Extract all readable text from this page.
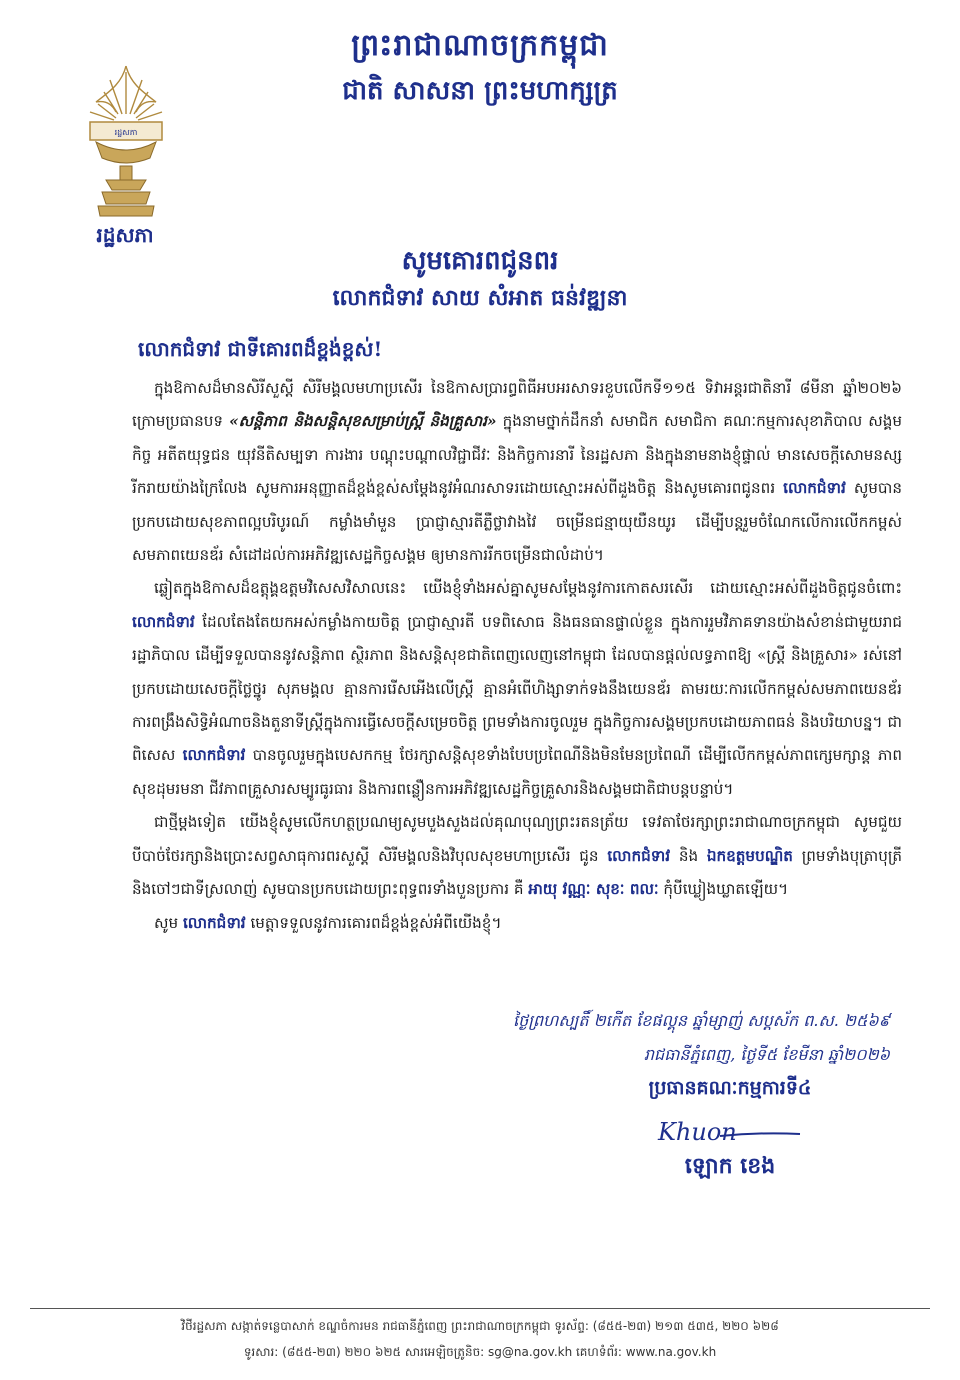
ព្រះរាជាណាចក្រកម្ពុជា
ជាតិ សាសនា ព្រះមហាក្សត្រ
រដ្ឋសភា
រដ្ឋសភា
សូមគោរពជូនពរ
លោកជំទាវ សាយ សំអាត ធន់វឌ្ឍនា
លោកជំទាវ ជាទីគោរពដ៏ខ្ពង់ខ្ពស់!

ក្នុងឱកាសដ៏មានសិរីសួស្តី សិរីមង្គលមហាប្រសើរ នៃឱកាសប្រារព្ធពិធីអបអរសាទរខួបលើកទី១១៥ ទិវាអន្តរជាតិនារី ៨មីនា ឆ្នាំ២០២៦ ក្រោមប្រធានបទ «សន្តិភាព និងសន្តិសុខសម្រាប់ស្ត្រី និងគ្រួសារ» ក្នុងនាមថ្នាក់ដឹកនាំ សមាជិក សមាជិកា គណៈកម្មការសុខាភិបាល សង្គមកិច្ច អតីតយុទ្ធជន យុវនីតិសម្បទា ការងារ បណ្តុះបណ្តាលវិជ្ជាជីវៈ និងកិច្ចការនារី នៃរដ្ឋសភា និងក្នុងនាមនាងខ្ញុំផ្ទាល់ មានសេចក្តីសោមនស្សរីករាយយ៉ាងក្រៃលែង សូមការអនុញ្ញាតដ៏ខ្ពង់ខ្ពស់សម្តែងនូវអំណរសាទរដោយស្មោះអស់ពីដួងចិត្ត និងសូមគោរពជូនពរ លោកជំទាវ សូមបានប្រកបដោយសុខភាពល្អបរិបូរណ៍ កម្លាំងមាំមួន ប្រាជ្ញាស្មារតីភ្លឺថ្លាវាងវៃ ចម្រើនជន្មាយុយឺនយូរ ដើម្បីបន្តរួមចំណែកលើការលើកកម្ពស់សមភាពយេនឌ័រ សំដៅដល់ការអភិវឌ្ឍសេដ្ឋកិច្ចសង្គម ឲ្យមានការរីកចម្រើនជាលំដាប់។

ឆ្លៀតក្នុងឱកាសដ៏ឧត្តុង្គឧត្តមវិសេសវិសាលនេះ យើងខ្ញុំទាំងអស់គ្នាសូមសម្តែងនូវការកោតសរសើរ ដោយស្មោះអស់ពីដួងចិត្តជូនចំពោះ លោកជំទាវ ដែលតែងតែយកអស់កម្លាំងកាយចិត្ត ប្រាជ្ញាស្មារតី បទពិសោធ និងធនធានផ្ទាល់ខ្លួន ក្នុងការរួមវិភាគទានយ៉ាងសំខាន់ជាមួយរាជរដ្ឋាភិបាល ដើម្បីទទួលបាននូវសន្តិភាព ស្ថិរភាព និងសន្តិសុខជាតិពេញលេញនៅកម្ពុជា ដែលបានផ្តល់លទ្ធភាពឱ្យ «ស្ត្រី និងគ្រួសារ» រស់នៅប្រកបដោយសេចក្តីថ្លៃថ្នូរ សុភមង្គល គ្មានការរើសអើងលើស្ត្រី គ្មានអំពើហិង្សាទាក់ទងនឹងយេនឌ័រ តាមរយៈការលើកកម្ពស់សមភាពយេនឌ័រ ការពង្រឹងសិទ្ធិអំណាចនិងតួនាទីស្ត្រីក្នុងការធ្វើសេចក្តីសម្រេចចិត្ត ព្រមទាំងការចូលរួម ក្នុងកិច្ចការសង្គមប្រកបដោយភាពធន់ និងបរិយាបន្ន។ ជាពិសេស លោកជំទាវ បានចូលរួមក្នុងបេសកកម្ម ថែរក្សាសន្តិសុខទាំងបែបប្រពៃណីនិងមិនមែនប្រពៃណី ដើម្បីលើកកម្ពស់ភាពក្សេមក្សាន្ត ភាពសុខដុមរមនា ជីវភាពគ្រួសារសម្បូរធូរធារ និងការពន្លឿនការអភិវឌ្ឍសេដ្ឋកិច្ចគ្រួសារនិងសង្គមជាតិជាបន្តបន្ទាប់។

ជាថ្មីម្តងទៀត យើងខ្ញុំសូមលើកហត្ថប្រណម្យសូមបួងសួងដល់គុណបុណ្យព្រះរតនត្រ័យ ទេវតាថែរក្សាព្រះរាជាណាចក្រកម្ពុជា សូមជួយបីបាច់ថែរក្សានិងប្រោះសព្វសាធុការពរសួស្តី សិរីមង្គលនិងវិបុលសុខមហាប្រសើរ ជូន លោកជំទាវ និង ឯកឧត្តមបណ្ឌិត ព្រមទាំងបុត្រាបុត្រីនិងចៅៗជាទីស្រលាញ់ សូមបានប្រកបដោយព្រះពុទ្ធពរទាំងបួនប្រការ គឺ អាយុ វណ្ណៈ សុខៈ ពលៈ កុំបីឃ្លៀងឃ្លាតឡើយ។

សូម លោកជំទាវ មេត្តាទទួលនូវការគោរពដ៏ខ្ពង់ខ្ពស់អំពីយើងខ្ញុំ។

ថ្ងៃព្រហស្បតិ៍ ២កើត ខែផល្គុន ឆ្នាំម្សាញ់ សប្តស័ក ព.ស. ២៥៦៩
រាជធានីភ្នំពេញ, ថ្ងៃទី៥ ខែមីនា ឆ្នាំ២០២៦
ប្រធានគណៈកម្មការទី៤
Khuon
ឡោក ខេង
វិថីរដ្ឋសភា សង្កាត់ទន្លេបាសាក់ ខណ្ឌចំការមន រាជធានីភ្នំពេញ ព្រះរាជាណាចក្រកម្ពុជា ទូរស័ព្ទ: (៨៥៥-២៣) ២១៣ ៥៣៥, ២២០ ៦២៨
ទូរសារ: (៨៥៥-២៣) ២២០ ៦២៥ សារអេឡិចត្រូនិច: sg@na.gov.kh គេហទំព័រ: www.na.gov.kh
